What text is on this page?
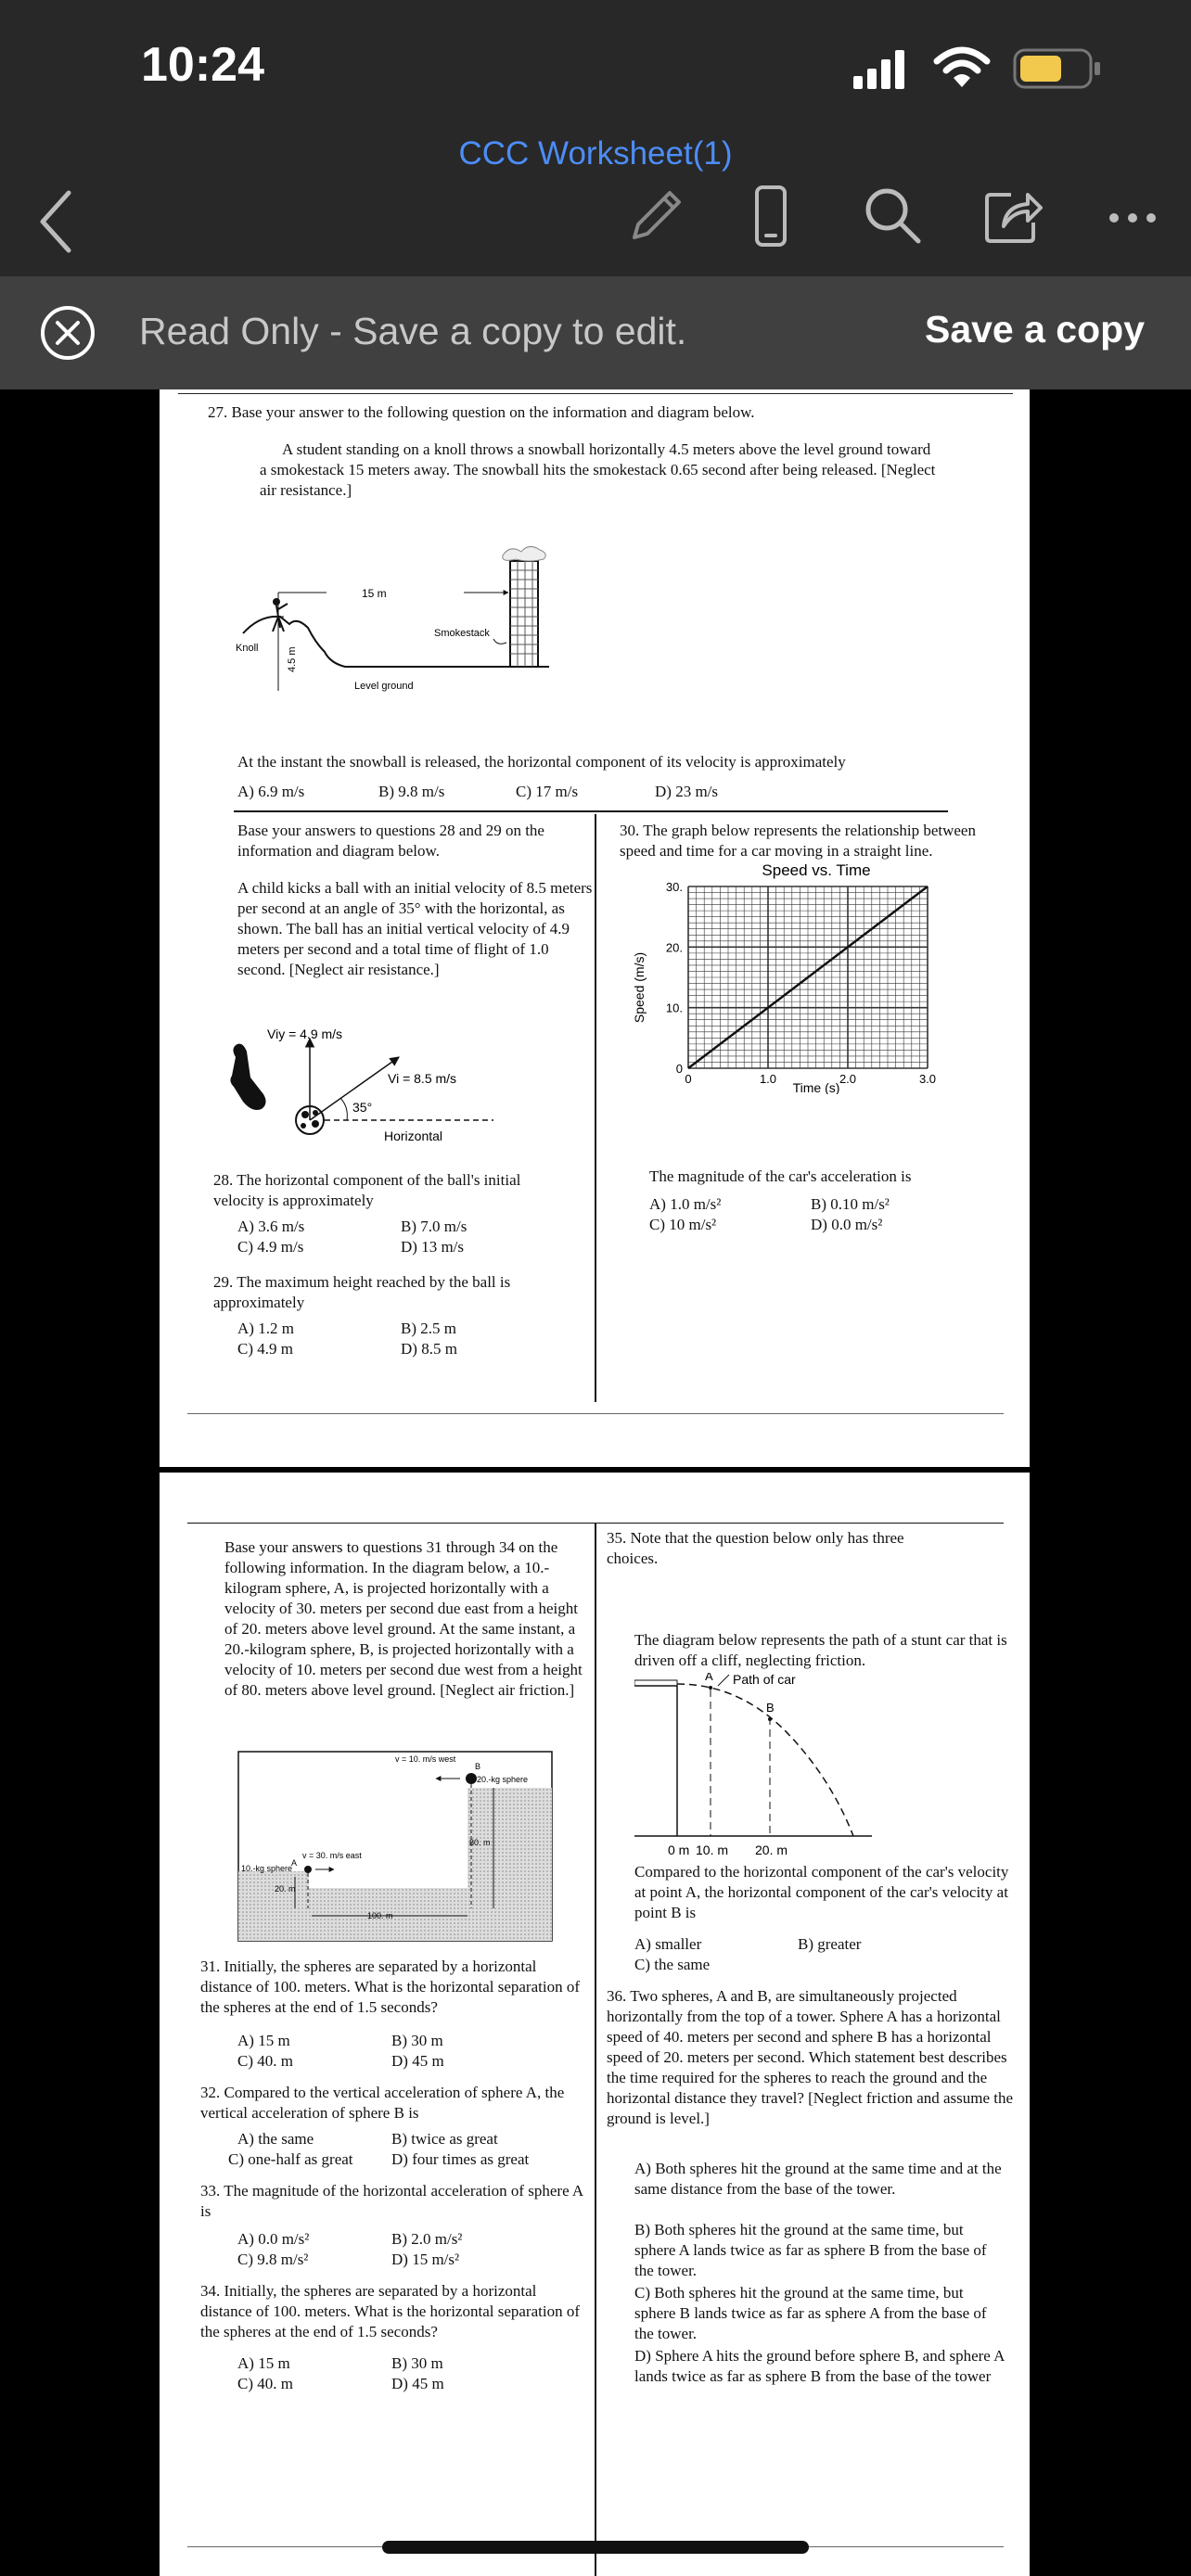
10:24
CCC Worksheet(1)
Read Only - Save a copy to edit.	Save a copy
27. Base your answer to the following question on the information and diagram below.
A student standing on a knoll throws a snowball horizontally 4.5 meters above the level ground toward a smokestack 15 meters away. The snowball hits the smokestack 0.65 second after being released. [Neglect air resistance.]
15 m
Smokestack
Knoll	4.5 m
Level ground
At the instant the snowball is released, the horizontal component of its velocity is approximately
A) 6.9 m/s	B) 9.8 m/s	C) 17 m/s	D) 23 m/s
Base your answers to questions 28 and 29 on the information and diagram below.
A child kicks a ball with an initial velocity of 8.5 meters per second at an angle of 35° with the horizontal, as shown. The ball has an initial vertical velocity of 4.9 meters per second and a total time of flight of 1.0 second. [Neglect air resistance.]
Viy = 4.9 m/s
Vi = 8.5 m/s
35°
Horizontal
28. The horizontal component of the ball's initial velocity is approximately
A) 3.6 m/s	B) 7.0 m/s
C) 4.9 m/s	D) 13 m/s
29. The maximum height reached by the ball is approximately
A) 1.2 m	B) 2.5 m
C) 4.9 m	D) 8.5 m
30. The graph below represents the relationship between speed and time for a car moving in a straight line.
Speed vs. Time
0	1.0	2.0	3.0
0
10.
20.
30.
Time (s)
Speed (m/s)
The magnitude of the car's acceleration is
A) 1.0 m/s²	B) 0.10 m/s²
C) 10 m/s²	D) 0.0 m/s²
Base your answers to questions 31 through 34 on the following information. In the diagram below, a 10.-kilogram sphere, A, is projected horizontally with a velocity of 30. meters per second due east from a height of 20. meters above level ground. At the same instant, a 20.-kilogram sphere, B, is projected horizontally with a velocity of 10. meters per second due west from a height of 80. meters above level ground. [Neglect air friction.]
v = 10. m/s west
B
20.-kg sphere
80. m
A
v = 30. m/s east
10.-kg sphere
20. m
100. m
31. Initially, the spheres are separated by a horizontal distance of 100. meters. What is the horizontal separation of the spheres at the end of 1.5 seconds?
A) 15 m	B) 30 m
C) 40. m	D) 45 m
32. Compared to the vertical acceleration of sphere A, the vertical acceleration of sphere B is
A) the same	B) twice as great
C) one-half as great D) four times as great
33. The magnitude of the horizontal acceleration of sphere A is
A) 0.0 m/s²	B) 2.0 m/s²
C) 9.8 m/s²	D) 15 m/s²
34. Initially, the spheres are separated by a horizontal distance of 100. meters. What is the horizontal separation of the spheres at the end of 1.5 seconds?
A) 15 m	B) 30 m
C) 40. m	D) 45 m
35. Note that the question below only has three choices.
The diagram below represents the path of a stunt car that is driven off a cliff, neglecting friction.
Path of car
A
B
0 m 10. m 20. m
Compared to the horizontal component of the car's velocity at point A, the horizontal component of the car's velocity at point B is
A) smaller	B) greater
C) the same
36. Two spheres, A and B, are simultaneously projected horizontally from the top of a tower. Sphere A has a horizontal speed of 40. meters per second and sphere B has a horizontal speed of 20. meters per second. Which statement best describes the time required for the spheres to reach the ground and the horizontal distance they travel? [Neglect friction and assume the ground is level.]
A) Both spheres hit the ground at the same time and at the same distance from the base of the tower.
B) Both spheres hit the ground at the same time, but sphere A lands twice as far as sphere B from the base of the tower.
C) Both spheres hit the ground at the same time, but sphere B lands twice as far as sphere A from the base of the tower.
D) Sphere A hits the ground before sphere B, and sphere A lands twice as far as sphere B from the base of the tower
